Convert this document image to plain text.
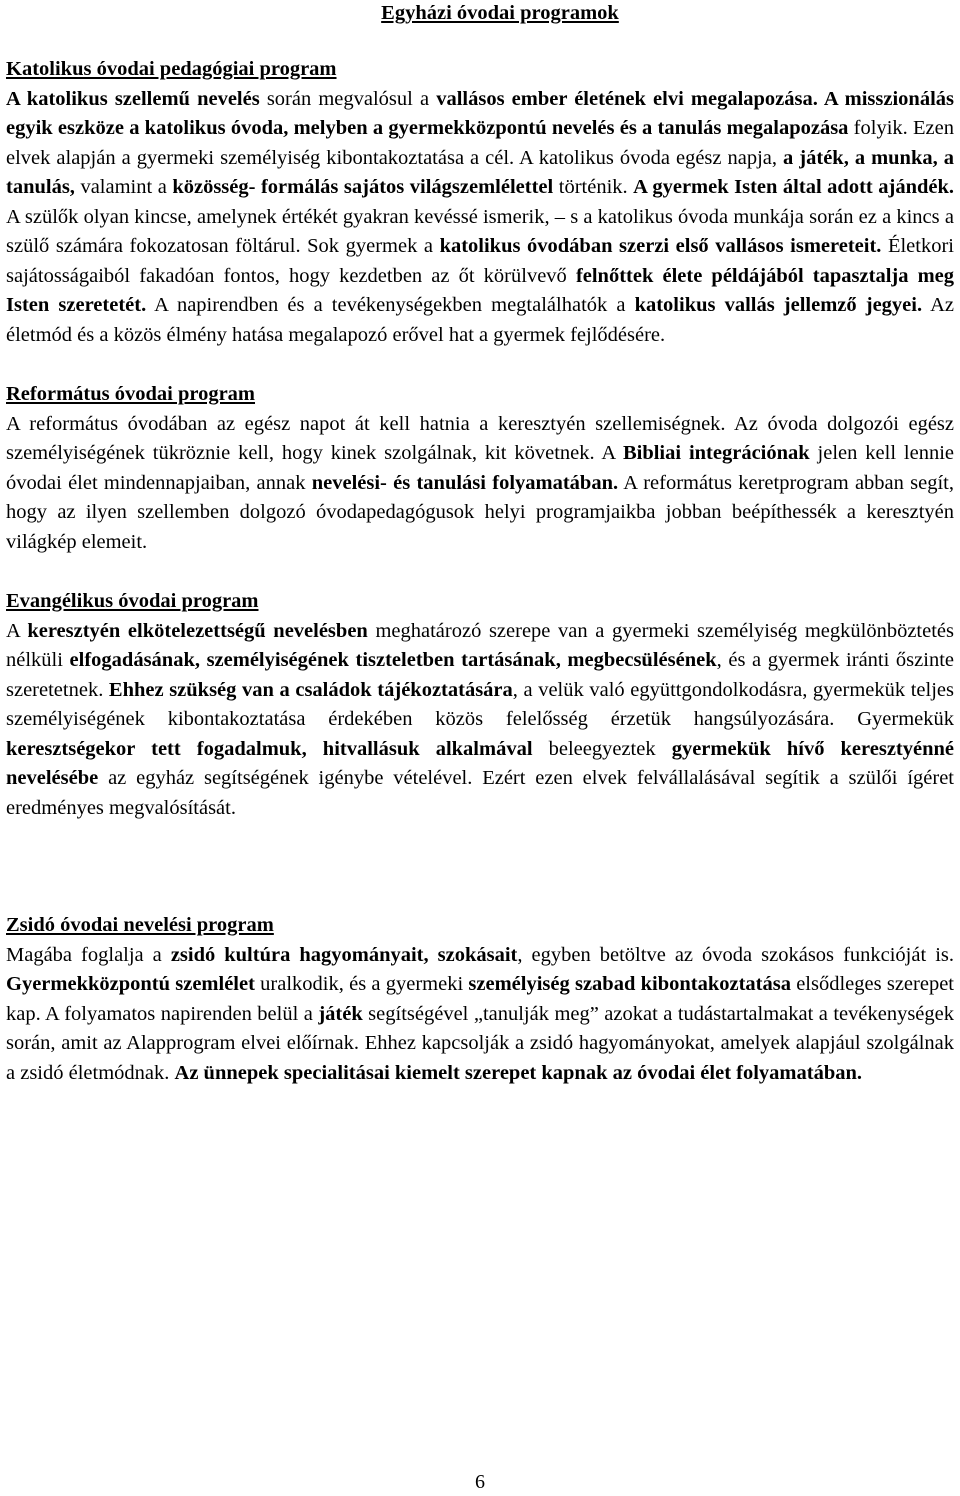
Egyházi óvodai programok
Katolikus óvodai pedagógiai program

A katolikus szellemű nevelés során megvalósul a vallásos ember életének elvi megalapozása. A misszionálás egyik eszköze a katolikus óvoda, melyben a gyermekközpontú nevelés és a tanulás megalapozása folyik. Ezen elvek alapján a gyermeki személyiség kibontakoztatása a cél. A katolikus óvoda egész napja, a játék, a munka, a tanulás, valamint a közösség- formálás sajátos világszemlélettel történik. A gyermek Isten által adott ajándék. A szülők olyan kincse, amelynek értékét gyakran kevéssé ismerik, – s a katolikus óvoda munkája során ez a kincs a szülő számára fokozatosan föltárul. Sok gyermek a katolikus óvodában szerzi első vallásos ismereteit. Életkori sajátosságaiból fakadóan fontos, hogy kezdetben az őt körülvevő felnőttek élete példájából tapasztalja meg Isten szeretetét. A napirendben és a tevékenységekben megtalálhatók a katolikus vallás jellemző jegyei. Az életmód és a közös élmény hatása megalapozó erővel hat a gyermek fejlődésére.

Református óvodai program

A református óvodában az egész napot át kell hatnia a keresztyén szellemiségnek. Az óvoda dolgozói egész személyiségének tükröznie kell, hogy kinek szolgálnak, kit követnek. A Bibliai integrációnak jelen kell lennie óvodai élet mindennapjaiban, annak nevelési- és tanulási folyamatában. A református keretprogram abban segít, hogy az ilyen szellemben dolgozó óvodapedagógusok helyi programjaikba jobban beépíthessék a keresztyén világkép elemeit.

Evangélikus óvodai program

A keresztyén elkötelezettségű nevelésben meghatározó szerepe van a gyermeki személyiség megkülönböztetés nélküli elfogadásának, személyiségének tiszteletben tartásának, megbecsülésének, és a gyermek iránti őszinte szeretetnek. Ehhez szükség van a családok tájékoztatására, a velük való együttgondolkodásra, gyermekük teljes személyiségének kibontakoztatása érdekében közös felelősség érzetük hangsúlyozására. Gyermekük keresztségekor tett fogadalmuk, hitvallásuk alkalmával beleegyeztek gyermekük hívő keresztyénné nevelésébe az egyház segítségének igénybe vételével. Ezért ezen elvek felvállalásával segítik a szülői ígéret eredményes megvalósítását.

Zsidó óvodai nevelési program

Magába foglalja a zsidó kultúra hagyományait, szokásait, egyben betöltve az óvoda szokásos funkcióját is. Gyermekközpontú szemlélet uralkodik, és a gyermeki személyiség szabad kibontakoztatása elsődleges szerepet kap. A folyamatos napirenden belül a játék segítségével „tanulják meg” azokat a tudástartalmakat a tevékenységek során, amit az Alapprogram elvei előírnak. Ehhez kapcsolják a zsidó hagyományokat, amelyek alapjául szolgálnak a zsidó életmódnak. Az ünnepek specialitásai kiemelt szerepet kapnak az óvodai élet folyamatában.

6
